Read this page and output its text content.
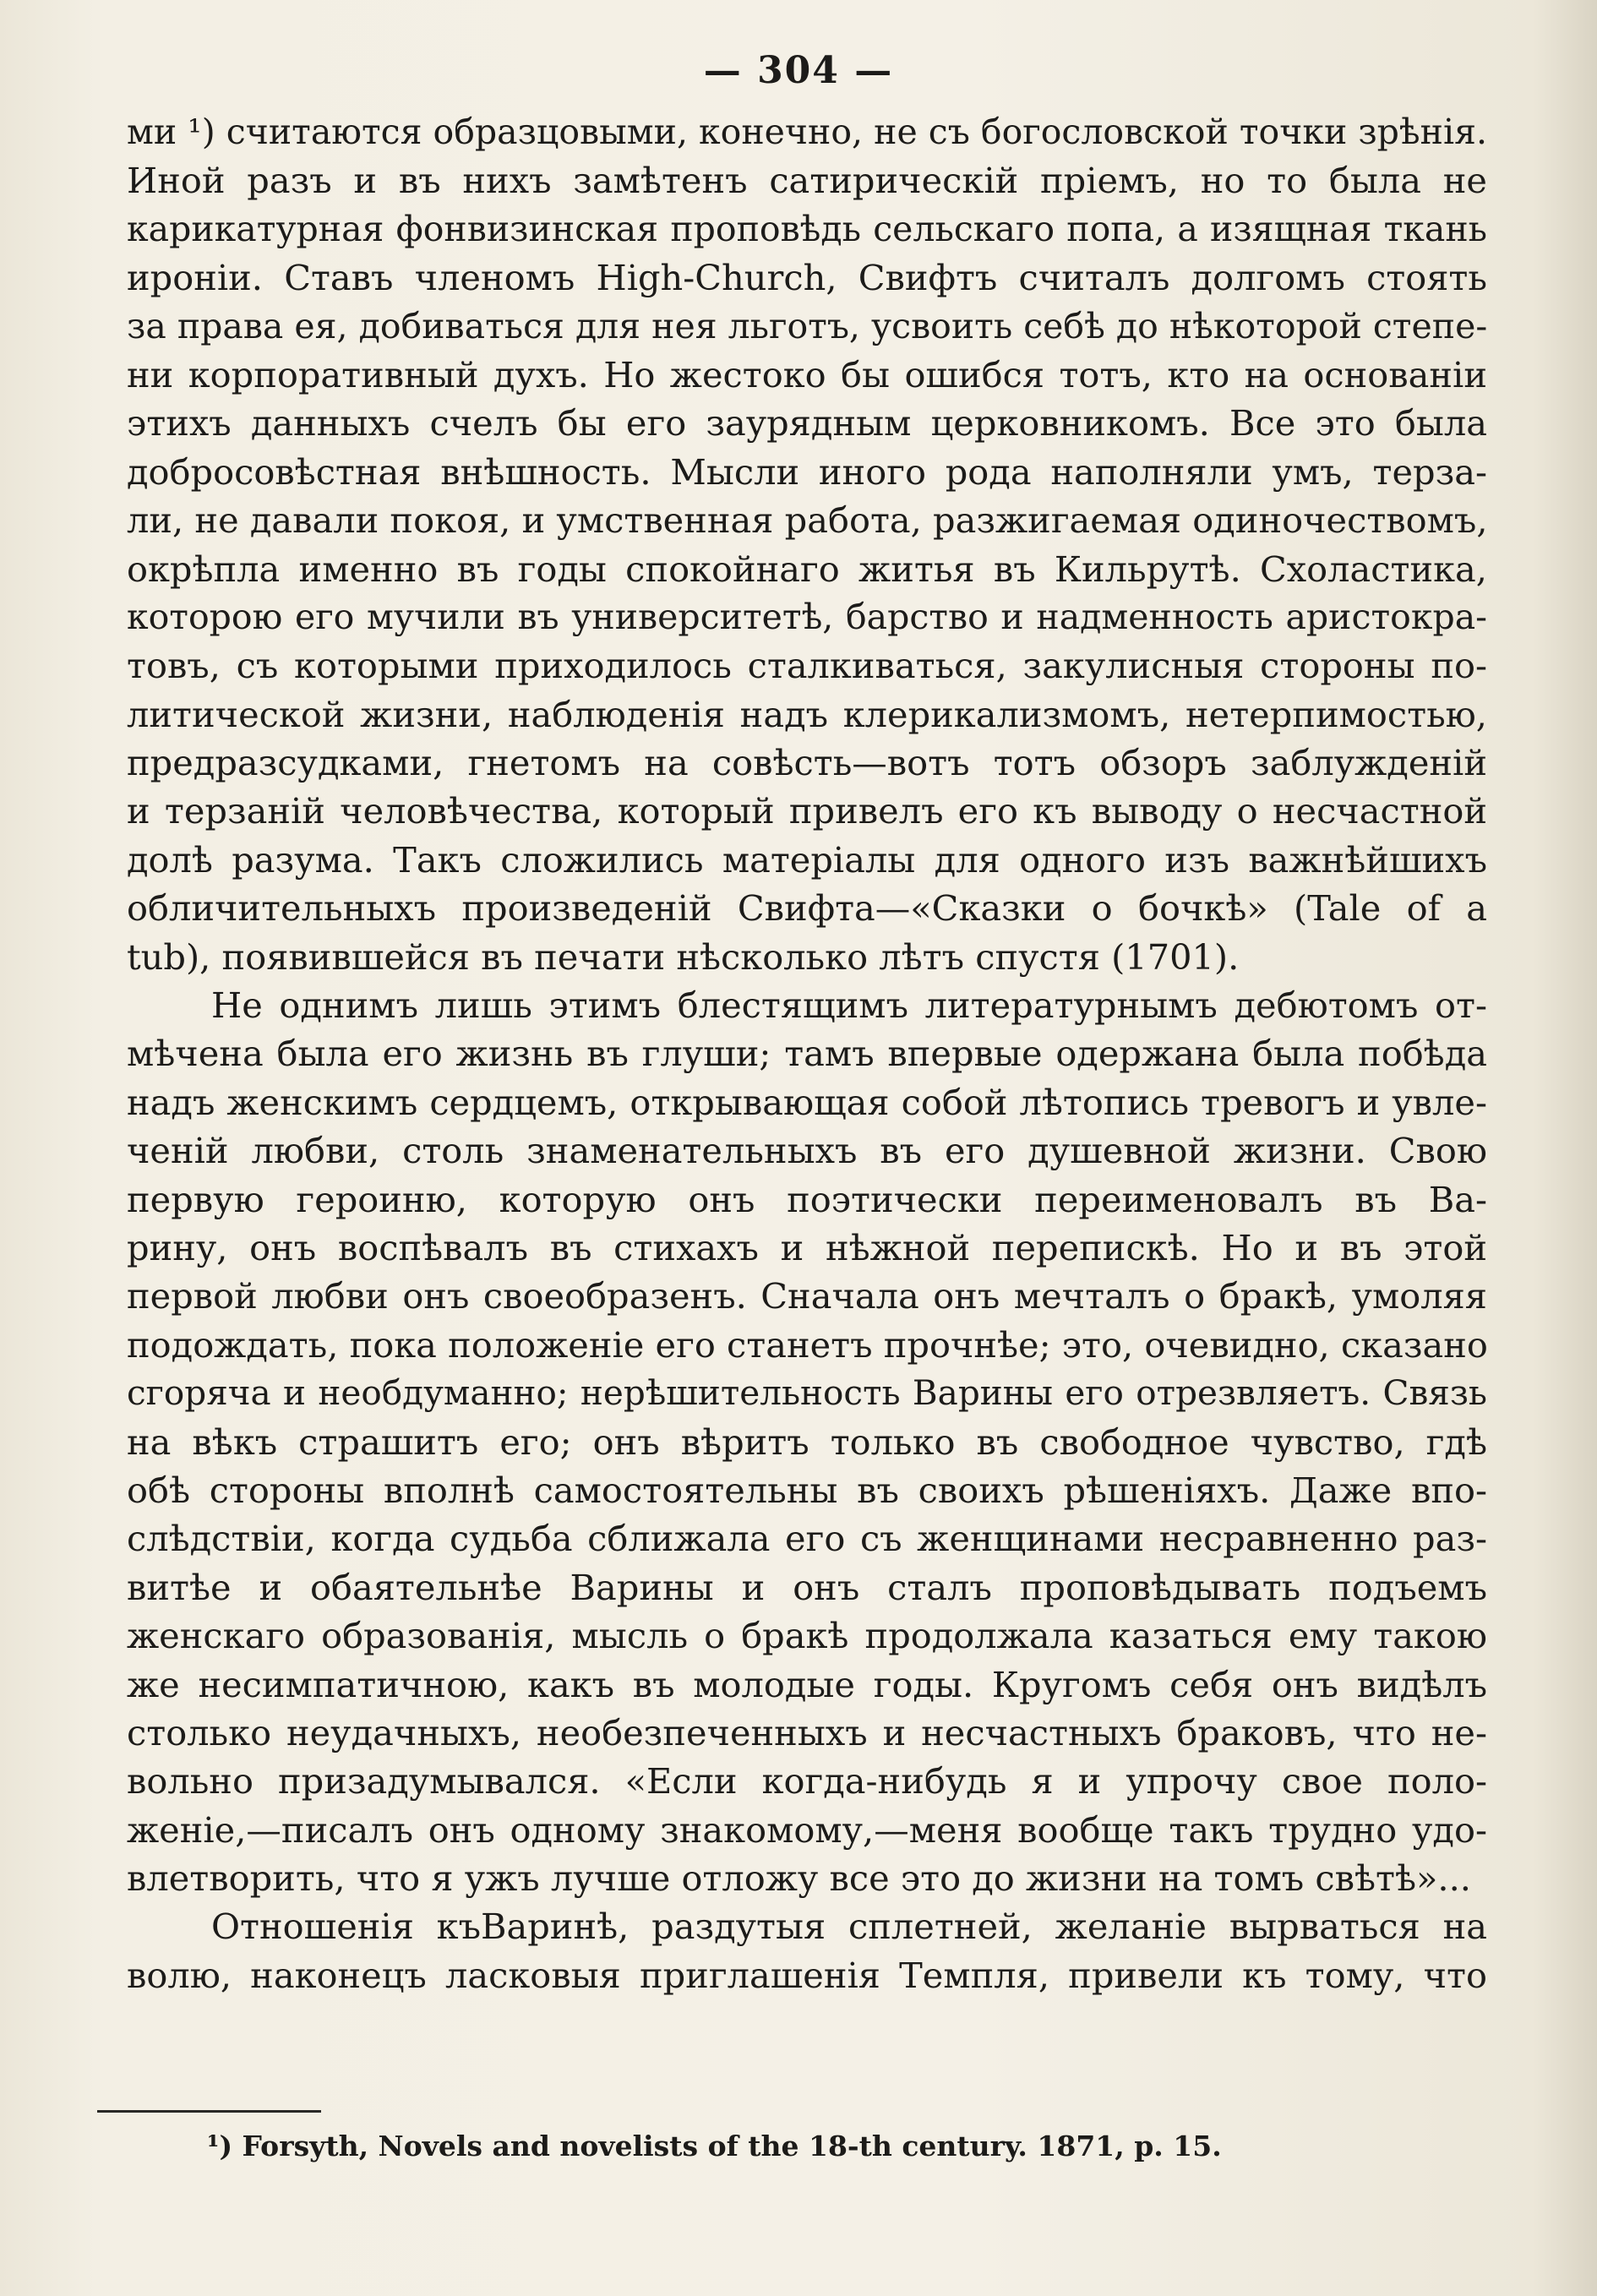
— 304 —
ми ¹) считаются образцовыми, конечно, не съ богословской точки зрѣнія.
Иной разъ и въ нихъ замѣтенъ сатирическій пріемъ, но то была не
карикатурная фонвизинская проповѣдь сельскаго попа, а изящная ткань
ироніи. Ставъ членомъ High-Church, Свифтъ считалъ долгомъ стоять
за права ея, добиваться для нея льготъ, усвоить себѣ до нѣкоторой степе-
ни корпоративный духъ. Но жестоко бы ошибся тотъ, кто на основаніи
этихъ данныхъ счелъ бы его заурядным церковникомъ. Все это была
добросовѣстная внѣшность. Мысли иного рода наполняли умъ, терза-
ли, не давали покоя, и умственная работа, разжигаемая одиночествомъ,
окрѣпла именно въ годы спокойнаго житья въ Кильрутѣ. Схоластика,
которою его мучили въ университетѣ, барство и надменность аристокра-
товъ, съ которыми приходилось сталкиваться, закулисныя стороны по-
литической жизни, наблюденія надъ клерикализмомъ, нетерпимостью,
предразсудками, гнетомъ на совѣсть—вотъ тотъ обзоръ заблужденій
и терзаній человѣчества, который привелъ его къ выводу о несчастной
долѣ разума. Такъ сложились матеріалы для одного изъ важнѣйшихъ
обличительныхъ произведеній Свифта—«Сказки о бочкѣ» (Tale of a
tub), появившейся въ печати нѣсколько лѣтъ спустя (1701).
Не однимъ лишь этимъ блестящимъ литературнымъ дебютомъ от-
мѣчена была его жизнь въ глуши; тамъ впервые одержана была побѣда
надъ женскимъ сердцемъ, открывающая собой лѣтопись тревогъ и увле-
ченій любви, столь знаменательныхъ въ его душевной жизни. Свою
первую героиню, которую онъ поэтически переименовалъ въ Ва-
рину, онъ воспѣвалъ въ стихахъ и нѣжной перепискѣ. Но и въ этой
первой любви онъ своеобразенъ. Сначала онъ мечталъ о бракѣ, умоляя
подождать, пока положеніе его станетъ прочнѣе; это, очевидно, сказано
сгоряча и необдуманно; нерѣшительность Варины его отрезвляетъ. Связь
на вѣкъ страшитъ его; онъ вѣритъ только въ свободное чувство, гдѣ
обѣ стороны вполнѣ самостоятельны въ своихъ рѣшеніяхъ. Даже впо-
слѣдствіи, когда судьба сближала его съ женщинами несравненно раз-
витѣе и обаятельнѣе Варины и онъ сталъ проповѣдывать подъемъ
женскаго образованія, мысль о бракѣ продолжала казаться ему такою
же несимпатичною, какъ въ молодые годы. Кругомъ себя онъ видѣлъ
столько неудачныхъ, необезпеченныхъ и несчастныхъ браковъ, что не-
вольно призадумывался. «Если когда-нибудь я и упрочу свое поло-
женіе,—писалъ онъ одному знакомому,—меня вообще такъ трудно удо-
влетворить, что я ужъ лучше отложу все это до жизни на томъ свѣтѣ»...
Отношенія къВаринѣ, раздутыя сплетней, желаніе вырваться на
волю, наконецъ ласковыя приглашенія Темпля, привели къ тому, что
¹) Forsyth, Novels and novelists of the 18-th century. 1871, p. 15.
